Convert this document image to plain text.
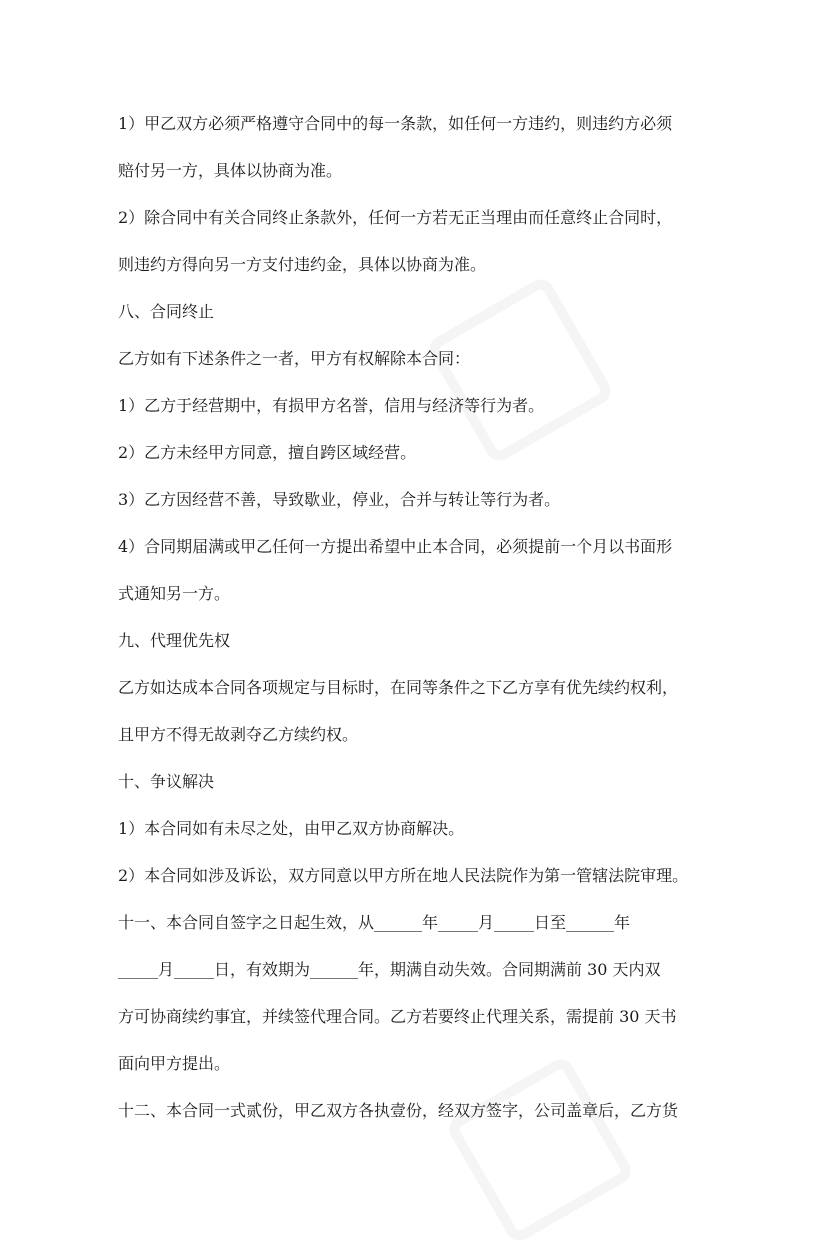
1）甲乙双方必须严格遵守合同中的每一条款，如任何一方违约，则违约方必须
赔付另一方，具体以协商为准。
2）除合同中有关合同终止条款外，任何一方若无正当理由而任意终止合同时，
则违约方得向另一方支付违约金，具体以协商为准。
八、合同终止
乙方如有下述条件之一者，甲方有权解除本合同：
1）乙方于经营期中，有损甲方名誉，信用与经济等行为者。
2）乙方未经甲方同意，擅自跨区域经营。
3）乙方因经营不善，导致歇业，停业，合并与转让等行为者。
4）合同期届满或甲乙任何一方提出希望中止本合同，必须提前一个月以书面形
式通知另一方。
九、代理优先权
乙方如达成本合同各项规定与目标时，在同等条件之下乙方享有优先续约权利，
且甲方不得无故剥夺乙方续约权。
十、争议解决
1）本合同如有未尽之处，由甲乙双方协商解决。
2）本合同如涉及诉讼，双方同意以甲方所在地人民法院作为第一管辖法院审理。
十一、本合同自签字之日起生效，从______年_____月_____日至______年
_____月_____日，有效期为______年，期满自动失效。合同期满前 30 天内双
方可协商续约事宜，并续签代理合同。乙方若要终止代理关系，需提前 30 天书
面向甲方提出。
十二、本合同一式贰份，甲乙双方各执壹份，经双方签字，公司盖章后，乙方货
